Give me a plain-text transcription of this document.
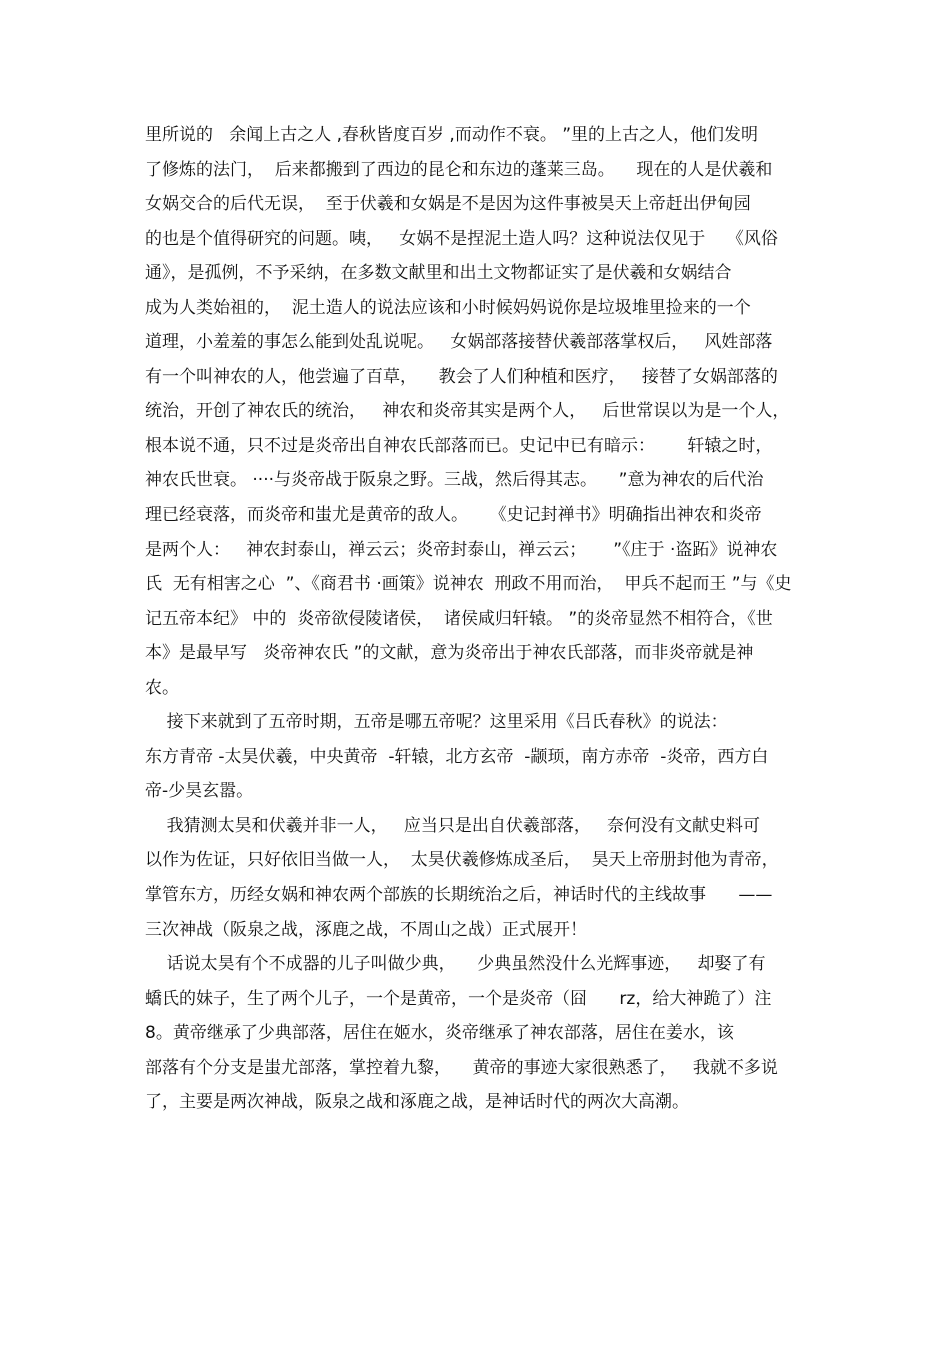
里所说的   余闻上古之人 ,春秋皆度百岁 ,而动作不衰。 ”里的上古之人，他们发明
了修炼的法门，  后来都搬到了西边的昆仑和东边的蓬莱三岛。    现在的人是伏羲和
女娲交合的后代无误，  至于伏羲和女娲是不是因为这件事被昊天上帝赶出伊甸园
的也是个值得研究的问题。咦，   女娲不是捏泥土造人吗？这种说法仅见于    《风俗
通》，是孤例，不予采纳，在多数文献里和出土文物都证实了是伏羲和女娲结合
成为人类始祖的，  泥土造人的说法应该和小时候妈妈说你是垃圾堆里捡来的一个
道理，小羞羞的事怎么能到处乱说呢。   女娲部落接替伏羲部落掌权后，   风姓部落
有一个叫神农的人，他尝遍了百草，    教会了人们种植和医疗，   接替了女娲部落的
统治，开创了神农氏的统治，   神农和炎帝其实是两个人，   后世常误以为是一个人，
根本说不通，只不过是炎帝出自神农氏部落而已。史记中已有暗示：      轩辕之时，
神农氏世衰。 ····与炎帝战于阪泉之野。三战，然后得其志。    ”意为神农的后代治
理已经衰落，而炎帝和蚩尤是黄帝的敌人。    《史记封禅书》明确指出神农和炎帝
是两个人：   神农封泰山，禅云云；炎帝封泰山，禅云云；     ”《庄于 ·盗跖》说神农
氏  无有相害之心  ”、《商君书 ·画策》说神农  刑政不用而治，  甲兵不起而王 ”与《史
记五帝本纪》 中的  炎帝欲侵陵诸侯，  诸侯咸归轩辕。 ”的炎帝显然不相符合，《世
本》是最早写   炎帝神农氏 ”的文献，意为炎帝出于神农氏部落，而非炎帝就是神
农。
接下来就到了五帝时期，五帝是哪五帝呢？这里采用《吕氏春秋》的说法：
东方青帝 -太昊伏羲，中央黄帝  -轩辕，北方玄帝  -颛顼，南方赤帝  -炎帝，西方白
帝-少昊玄嚣。
我猜测太昊和伏羲并非一人，   应当只是出自伏羲部落，   奈何没有文献史料可
以作为佐证，只好依旧当做一人，  太昊伏羲修炼成圣后，  昊天上帝册封他为青帝，
掌管东方，历经女娲和神农两个部族的长期统治之后，神话时代的主线故事      ——
三次神战（阪泉之战，涿鹿之战，不周山之战）正式展开！
话说太昊有个不成器的儿子叫做少典，    少典虽然没什么光辉事迹，   却娶了有
蟜氏的妹子，生了两个儿子，一个是黄帝，一个是炎帝（囧      rz，给大神跪了）注
8。黄帝继承了少典部落，居住在姬水，炎帝继承了神农部落，居住在姜水，该
部落有个分支是蚩尤部落，掌控着九黎，    黄帝的事迹大家很熟悉了，   我就不多说
了，主要是两次神战，阪泉之战和涿鹿之战，是神话时代的两次大高潮。
